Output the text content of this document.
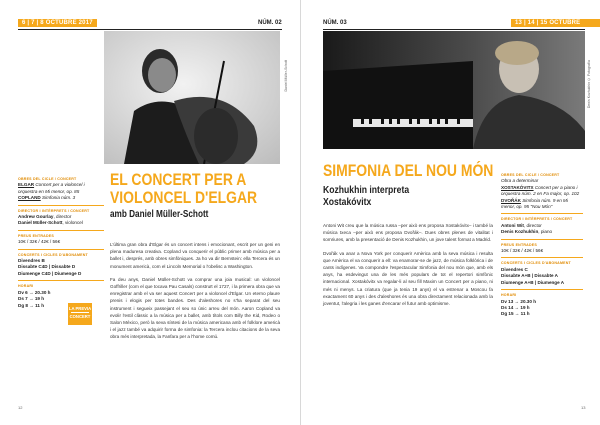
6 | 7 | 8 OCTUBRE 2017	NÚM. 02
Daniel Müller-Schott
OBRES DEL CICLE / CONCERT
ELGAR Concert per a violoncel i orquestra en Mi menor, op. 85
COPLAND Simfonia núm. 3
DIRECTOR I INTÈRPRETS / CONCERT
Andrew Gourlay, director
Daniel Müller-Schott, violoncel
PREUS ENTRADES
10€ / 32€ / 42€ / 56€
CONCERTS I CICLES D'ABONAMENT
Divendres B
Dissabte C4D | Dissabte D
Diumenge C4D | Diumenge D
HORARI
Dv 6 → 20.30 h
Ds 7 → 19 h
Dg 8 → 11 h
LA PREVIA
CONCERT
EL CONCERT PER A
VIOLONCEL D'ELGAR
amb Daniel Müller-Schott

L'última gran obra d'Elgar és un concert intens i emocionant, escrit per un geni en plena maduresa creativa. Copland va conquerir el públic primer amb música per a ballet i, després, amb obres simfòniques. Ja ho va dir Bernstein: ella Tercera és un monument americà, com el Lincoln Memorial o l'obelisc a Washington.

Fa deu anys, Daniel Müller-Schott va comprar una joia musical: un violoncel Goffriller (com el que tocava Pau Casals) construït el 1727, i la primera obra que va enregistrar amb el va ser aquest Concert per a violoncel d'Elgar. Un eterno plaure prenis i elogis per totes bandes. Des d'aleshores no s'ha separat del seu instrument i segueix passejant el seu so únic arreu del món. Aaron Copland va evolir l'estil clàssic a la música per a ballet, amb títols com Billy the Kid, Rodeo o Salon México, però la seva síntesi de la música americana amb el folklore americà i el jazz també va adquirir forma de simfonia: la Tercera inclou citacions de la seva obra més interpretada, la Fanfara per a l'home comú.

12
NÚM. 03	13 | 14 | 15 OCTUBRE
Denis Kozhukhin © Fotografía
SIMFONIA DEL NOU MÓN
Kozhukhin interpreta
Xostakóvitx

Antoni Wit creu que la música russa –per això ens proposa Xostakóvitx– i també la música txeca –per això ens proposa Dvořák–. Dues obres plenes de vitalitat i somriures, amb la presentació de Denis Kozhukhin, un jove talent format a Madrid.

Dvořák va anar a Nova York per conquerir Amèrica amb la seva música i resulta que Amèrica el va conquerir a ell: va enamorar-se de jazz, de música folklòrica i de cants indígenes. Va compondre l'espectacular Simfonia del nou món que, amb els anys, ha esdevingut una de les més populars de tot el repertori simfònic internacional. Xostakóvitx va regalar-li al seu fill Maxim un Concert per a piano, ni més ni menys. La criatura (que ja tenia 19 anys) el va estrenar a Moscou fa exactament 60 anys i des d'aleshores és una obra directament relacionada amb la joventut, l'alegria i les ganes d'encarar el futur amb optimisme.

OBRES DEL CICLE / CONCERT
Obra a determinar
XOSTAKÓVITX Concert per a piano i orquestra núm. 2 en Fa major, op. 102
DVOŘÁK Simfonia núm. 9 en Mi menor, op. 95 "Nou Món"
DIRECTOR I INTÈRPRETS / CONCERT
Antoni Wit, director
Denis Kozhukhin, piano
PREUS ENTRADES
10€ / 32€ / 42€ / 56€
CONCERTS I CICLES D'ABONAMENT
Divendres C
Dissabte A+B | Dissabte A
Diumenge A+B | Diumenge A
HORARI
Dv 13 → 20.30 h
Ds 14 → 19 h
Dg 15 → 11 h
13
